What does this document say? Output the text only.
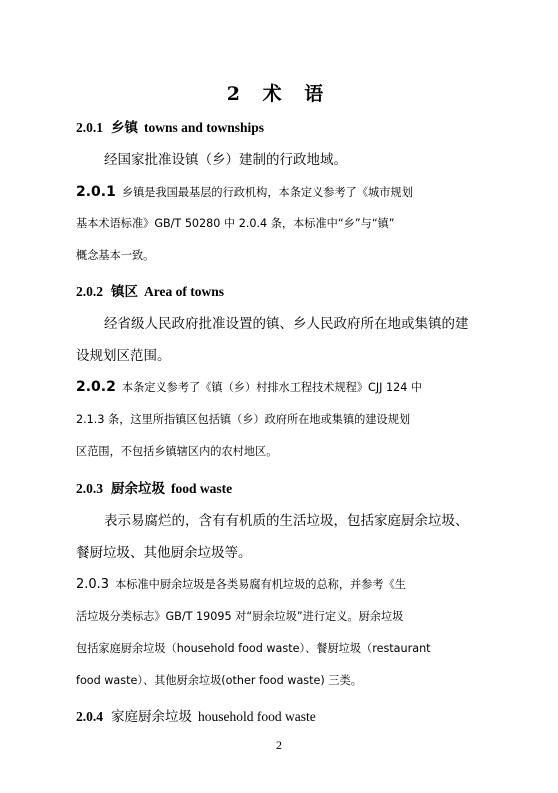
2 术 语
2.0.1 乡镇 towns and townships
经国家批准设镇（乡）建制的行政地域。
2.0.1 乡镇是我国最基层的行政机构，本条定义参考了《城市规划
基本术语标准》GB/T 50280 中 2.0.4 条，本标准中“乡”与“镇”
概念基本一致。
2.0.2 镇区 Area of towns
经省级人民政府批准设置的镇、乡人民政府所在地或集镇的建
设规划区范围。
2.0.2 本条定义参考了《镇（乡）村排水工程技术规程》CJJ 124 中
2.1.3 条，这里所指镇区包括镇（乡）政府所在地或集镇的建设规划
区范围，不包括乡镇辖区内的农村地区。
2.0.3 厨余垃圾 food waste
表示易腐烂的，含有有机质的生活垃圾，包括家庭厨余垃圾、
餐厨垃圾、其他厨余垃圾等。
2.0.3 本标准中厨余垃圾是各类易腐有机垃圾的总称，并参考《生
活垃圾分类标志》GB/T 19095 对“厨余垃圾”进行定义。厨余垃圾
包括家庭厨余垃圾（household food waste）、餐厨垃圾（restaurant
food waste）、其他厨余垃圾(other food waste) 三类。
2.0.4 家庭厨余垃圾 household food waste
2
